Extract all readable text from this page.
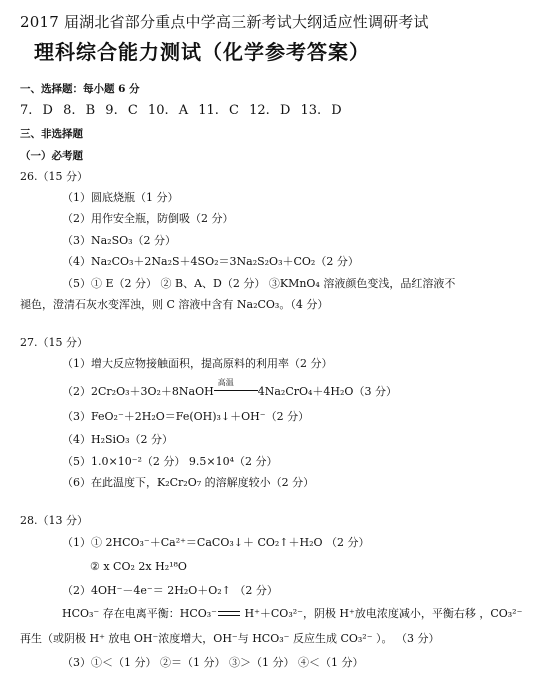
2017 届湖北省部分重点中学高三新考试大纲适应性调研考试
理科综合能力测试（化学参考答案）
一、选择题：每小题 6 分
7. D 8. B 9. C 10. A 11. C 12. D 13. D
三、非选择题
（一）必考题
26.（15 分）
（1）圆底烧瓶（1 分）
（2）用作安全瓶，防倒吸（2 分）
（3）Na₂SO₃（2 分）
（4）Na₂CO₃＋2Na₂S＋4SO₂＝3Na₂S₂O₃＋CO₂（2 分）
（5）① E（2 分） ② B、A、D（2 分） ③KMnO₄ 溶液颜色变浅，品红溶液不
褪色，澄清石灰水变浑浊，则 C 溶液中含有 Na₂CO₃。（4 分）
27.（15 分）
（1）增大反应物接触面积，提高原料的利用率（2 分）
（2）2Cr₂O₃＋3O₂＋8NaOH
高温
4Na₂CrO₄＋4H₂O（3 分）
（3）FeO₂⁻＋2H₂O＝Fe(OH)₃↓＋OH⁻（2 分）
（4）H₂SiO₃（2 分）
（5）1.0×10⁻²（2 分） 9.5×10⁴（2 分）
（6）在此温度下，K₂Cr₂O₇ 的溶解度较小（2 分）
28.（13 分）
（1）① 2HCO₃⁻＋Ca²⁺＝CaCO₃↓＋ CO₂↑＋H₂O （2 分）
② x CO₂ 2x H₂¹⁸O
（2）4OH⁻－4e⁻＝ 2H₂O＋O₂↑ （2 分）
HCO₃⁻ 存在电离平衡：HCO₃⁻ H⁺＋CO₃²⁻，阴极 H⁺放电浓度减小，平衡右移 ，CO₃²⁻
再生（或阴极 H⁺ 放电 OH⁻浓度增大，OH⁻与 HCO₃⁻ 反应生成 CO₃²⁻ ）。 （3 分）
（3）①＜（1 分） ②＝（1 分） ③＞（1 分） ④＜（1 分）
